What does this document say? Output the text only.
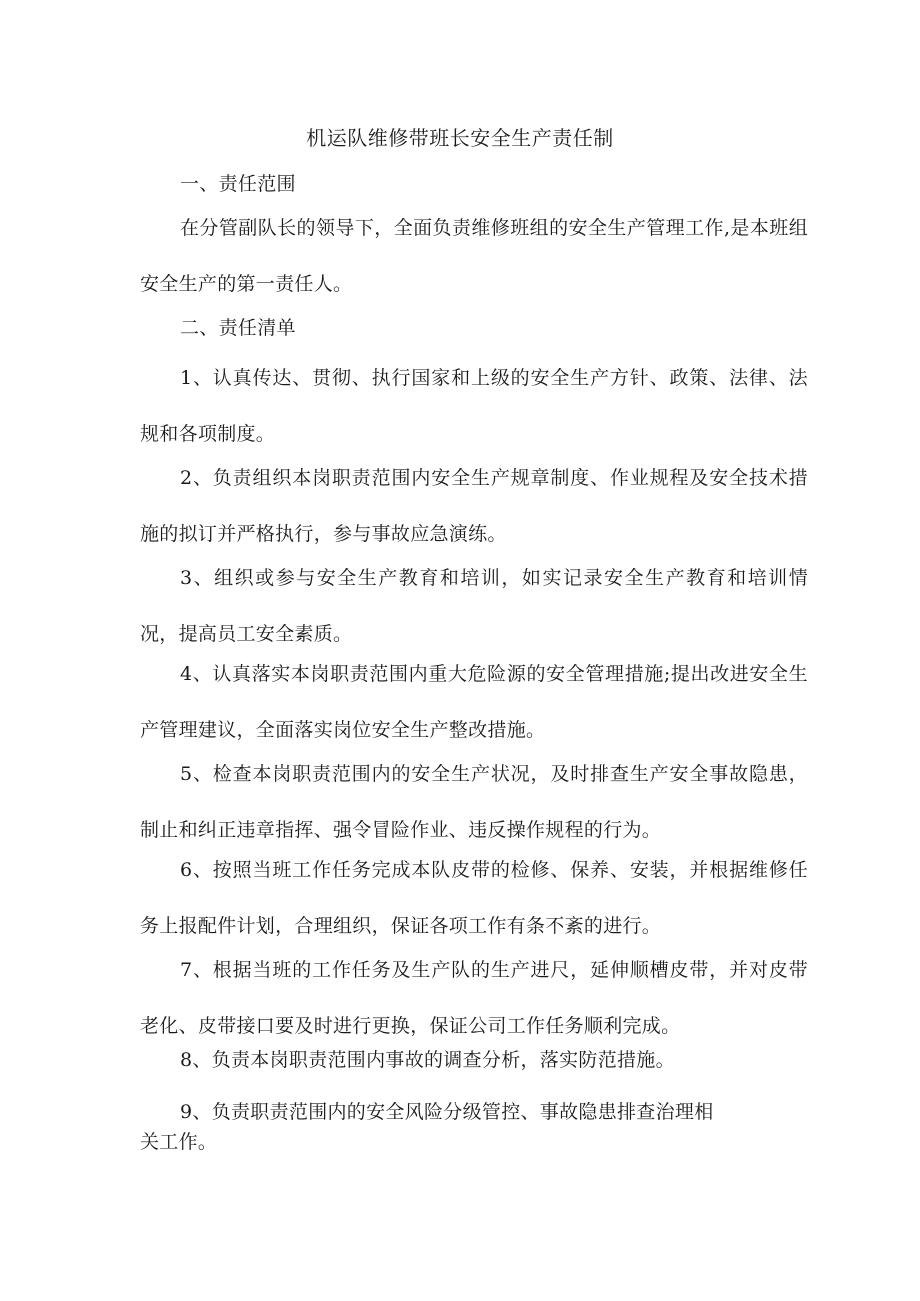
机运队维修带班长安全生产责任制

一、责任范围

在分管副队长的领导下，全面负责维修班组的安全生产管理工作,是本班组安全生产的第一责任人。

二、责任清单

1、认真传达、贯彻、执行国家和上级的安全生产方针、政策、法律、法规和各项制度。

2、负责组织本岗职责范围内安全生产规章制度、作业规程及安全技术措施的拟订并严格执行，参与事故应急演练。

3、组织或参与安全生产教育和培训，如实记录安全生产教育和培训情况，提高员工安全素质。

4、认真落实本岗职责范围内重大危险源的安全管理措施;提出改进安全生产管理建议，全面落实岗位安全生产整改措施。

5、检查本岗职责范围内的安全生产状况，及时排查生产安全事故隐患，制止和纠正违章指挥、强令冒险作业、违反操作规程的行为。

6、按照当班工作任务完成本队皮带的检修、保养、安装，并根据维修任务上报配件计划，合理组织，保证各项工作有条不紊的进行。

7、根据当班的工作任务及生产队的生产进尺，延伸顺槽皮带，并对皮带老化、皮带接口要及时进行更换，保证公司工作任务顺利完成。

8、负责本岗职责范围内事故的调查分析，落实防范措施。

9、负责职责范围内的安全风险分级管控、事故隐患排查治理相

关工作。
